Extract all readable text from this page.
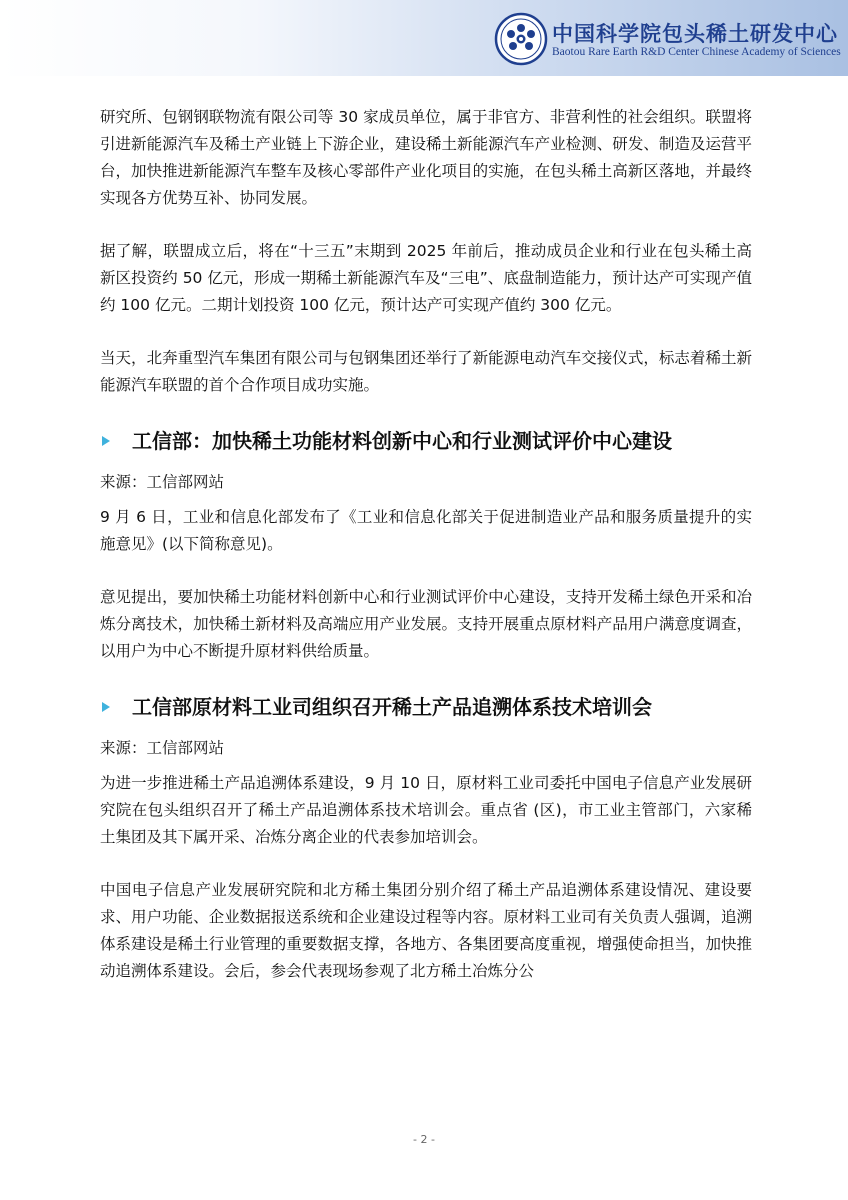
中国科学院包头稀土研发中心
Baotou Rare Earth R&D Center Chinese Academy of Sciences

研究所、包钢钢联物流有限公司等 30 家成员单位，属于非官方、非营利性的社会组织。联盟将引进新能源汽车及稀土产业链上下游企业，建设稀土新能源汽车产业检测、研发、制造及运营平台，加快推进新能源汽车整车及核心零部件产业化项目的实施，在包头稀土高新区落地，并最终实现各方优势互补、协同发展。

据了解，联盟成立后，将在“十三五”末期到 2025 年前后，推动成员企业和行业在包头稀土高新区投资约 50 亿元，形成一期稀土新能源汽车及“三电”、底盘制造能力，预计达产可实现产值约 100 亿元。二期计划投资 100 亿元，预计达产可实现产值约 300 亿元。

当天，北奔重型汽车集团有限公司与包钢集团还举行了新能源电动汽车交接仪式，标志着稀土新能源汽车联盟的首个合作项目成功实施。

工信部：加快稀土功能材料创新中心和行业测试评价中心建设

来源：工信部网站

9 月 6 日，工业和信息化部发布了《工业和信息化部关于促进制造业产品和服务质量提升的实施意见》(以下简称意见)。

意见提出，要加快稀土功能材料创新中心和行业测试评价中心建设，支持开发稀土绿色开采和冶炼分离技术，加快稀土新材料及高端应用产业发展。支持开展重点原材料产品用户满意度调查，以用户为中心不断提升原材料供给质量。

工信部原材料工业司组织召开稀土产品追溯体系技术培训会

来源：工信部网站

为进一步推进稀土产品追溯体系建设，9 月 10 日，原材料工业司委托中国电子信息产业发展研究院在包头组织召开了稀土产品追溯体系技术培训会。重点省 (区)，市工业主管部门，六家稀土集团及其下属开采、冶炼分离企业的代表参加培训会。

中国电子信息产业发展研究院和北方稀土集团分别介绍了稀土产品追溯体系建设情况、建设要求、用户功能、企业数据报送系统和企业建设过程等内容。原材料工业司有关负责人强调，追溯体系建设是稀土行业管理的重要数据支撑，各地方、各集团要高度重视，增强使命担当，加快推动追溯体系建设。会后，参会代表现场参观了北方稀土冶炼分公

- 2 -
